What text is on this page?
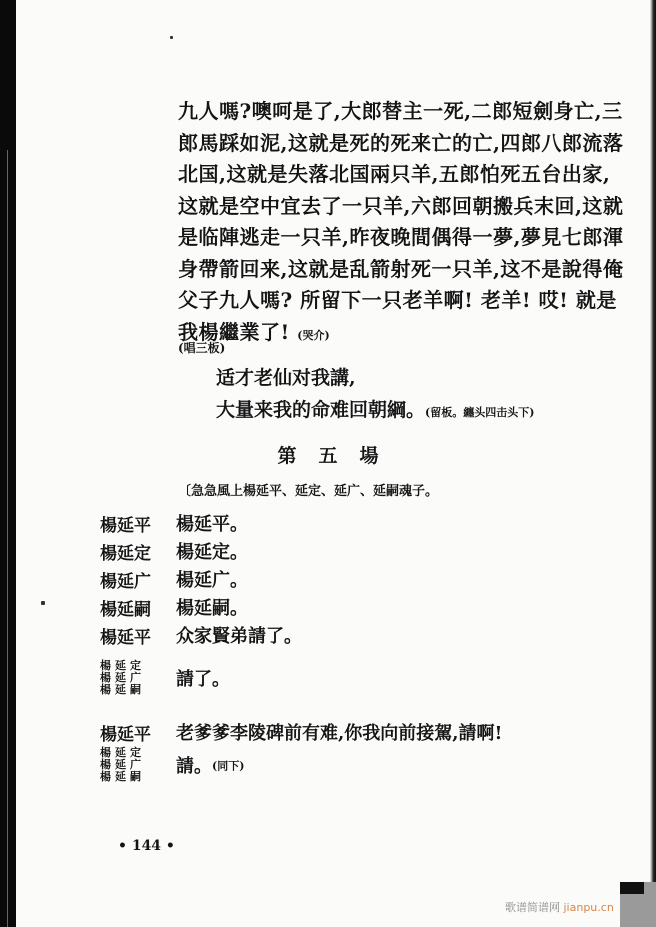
九人嗎?噢呵是了,大郎替主一死,二郎短劍身亡,三
郎馬踩如泥,这就是死的死来亡的亡,四郎八郎流落
北国,这就是失落北国兩只羊,五郎怕死五台出家,
这就是空中宜去了一只羊,六郎回朝搬兵末回,这就
是临陣逃走一只羊,昨夜晚間偶得一夢,夢見七郎渾
身帶箭回来,这就是乱箭射死一只羊,这不是說得俺
父子九人嗎? 所留下一只老羊啊! 老羊! 哎! 就是
我楊繼業了! (哭介)
(唱三板)
适才老仙对我講,
大量来我的命难回朝綱。(留板。纏头四击头下)
第五場
〔急急風上楊延平、延定、延广、延嗣魂子。
楊延平 楊延平。
楊延定 楊延定。
楊延广 楊延广。
楊延嗣 楊延嗣。
楊延平 众家賢弟請了。
楊延定
楊延广
楊延嗣	請了。
楊延平 老爹爹李陵碑前有难,你我向前接駕,請啊!
楊延定
楊延广
楊延嗣	請。(同下)
• 144 •
歌谱简谱网 jianpu.cn
